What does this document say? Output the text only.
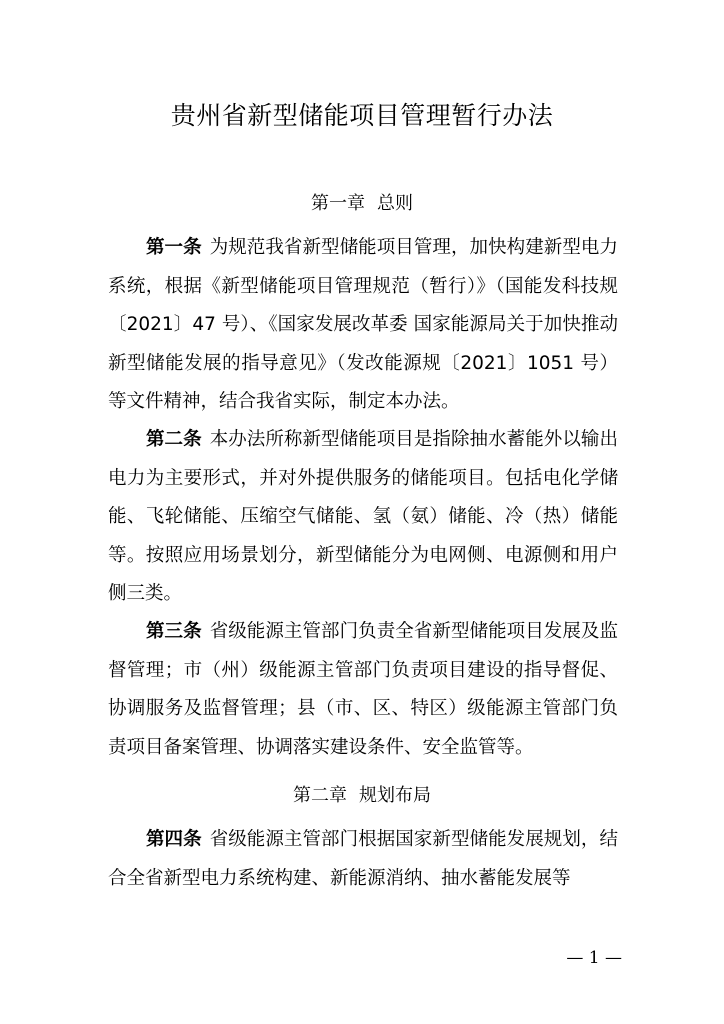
贵州省新型储能项目管理暂行办法
第一章 总则

第一条 为规范我省新型储能项目管理，加快构建新型电力系统，根据《新型储能项目管理规范（暂行）》（国能发科技规〔2021〕47 号）、《国家发展改革委 国家能源局关于加快推动新型储能发展的指导意见》（发改能源规〔2021〕1051 号）等文件精神，结合我省实际，制定本办法。

第二条 本办法所称新型储能项目是指除抽水蓄能外以输出电力为主要形式，并对外提供服务的储能项目。包括电化学储能、飞轮储能、压缩空气储能、氢（氨）储能、冷（热）储能等。按照应用场景划分，新型储能分为电网侧、电源侧和用户侧三类。

第三条 省级能源主管部门负责全省新型储能项目发展及监督管理；市（州）级能源主管部门负责项目建设的指导督促、协调服务及监督管理；县（市、区、特区）级能源主管部门负责项目备案管理、协调落实建设条件、安全监管等。

第二章 规划布局

第四条 省级能源主管部门根据国家新型储能发展规划，结合全省新型电力系统构建、新能源消纳、抽水蓄能发展等

— 1 —
